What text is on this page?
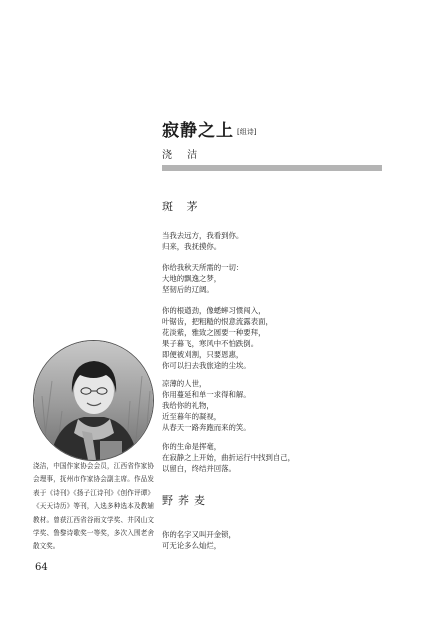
寂静之上 [组诗]
浇 洁
斑 茅
当我去远方，我看到你。
归来，我抚摸你。
你给我秋天所需的一切：
大地的飘逸之梦，
坚韧后的辽阔。
你的根遒劲，像蟋蟀习惯闯入，
叶锯齿，把粗糙的恨意流露表面，
花淡紫，雅致之圆要一种要拜，
果子暮飞，寒风中不怕跌倒。
即便被刈割，只要恩惠，
你可以扫去我旅途的尘埃。
凉薄的人世，
你用蔓延和单一求得和解。
我给你的礼物，
近至暮年的凝视，
从春天一路奔跑而来的笑。
你的生命是挥毫，
在寂静之上开始，曲折运行中找到自己，
以留白，终结并回落。
野荞麦
你的名字又叫开金锁，
可无论多么灿烂，
浇洁，中国作家协会会员，江西省作家协会理事，抚州市作家协会副主席。作品发表于《诗刊》《扬子江诗刊》《创作评谭》《天天诗历》等刊，入选多种选本及教辅教材。曾获江西省谷雨文学奖、井冈山文学奖、鲁黎诗歌奖一等奖，多次入围老舍散文奖。
64
